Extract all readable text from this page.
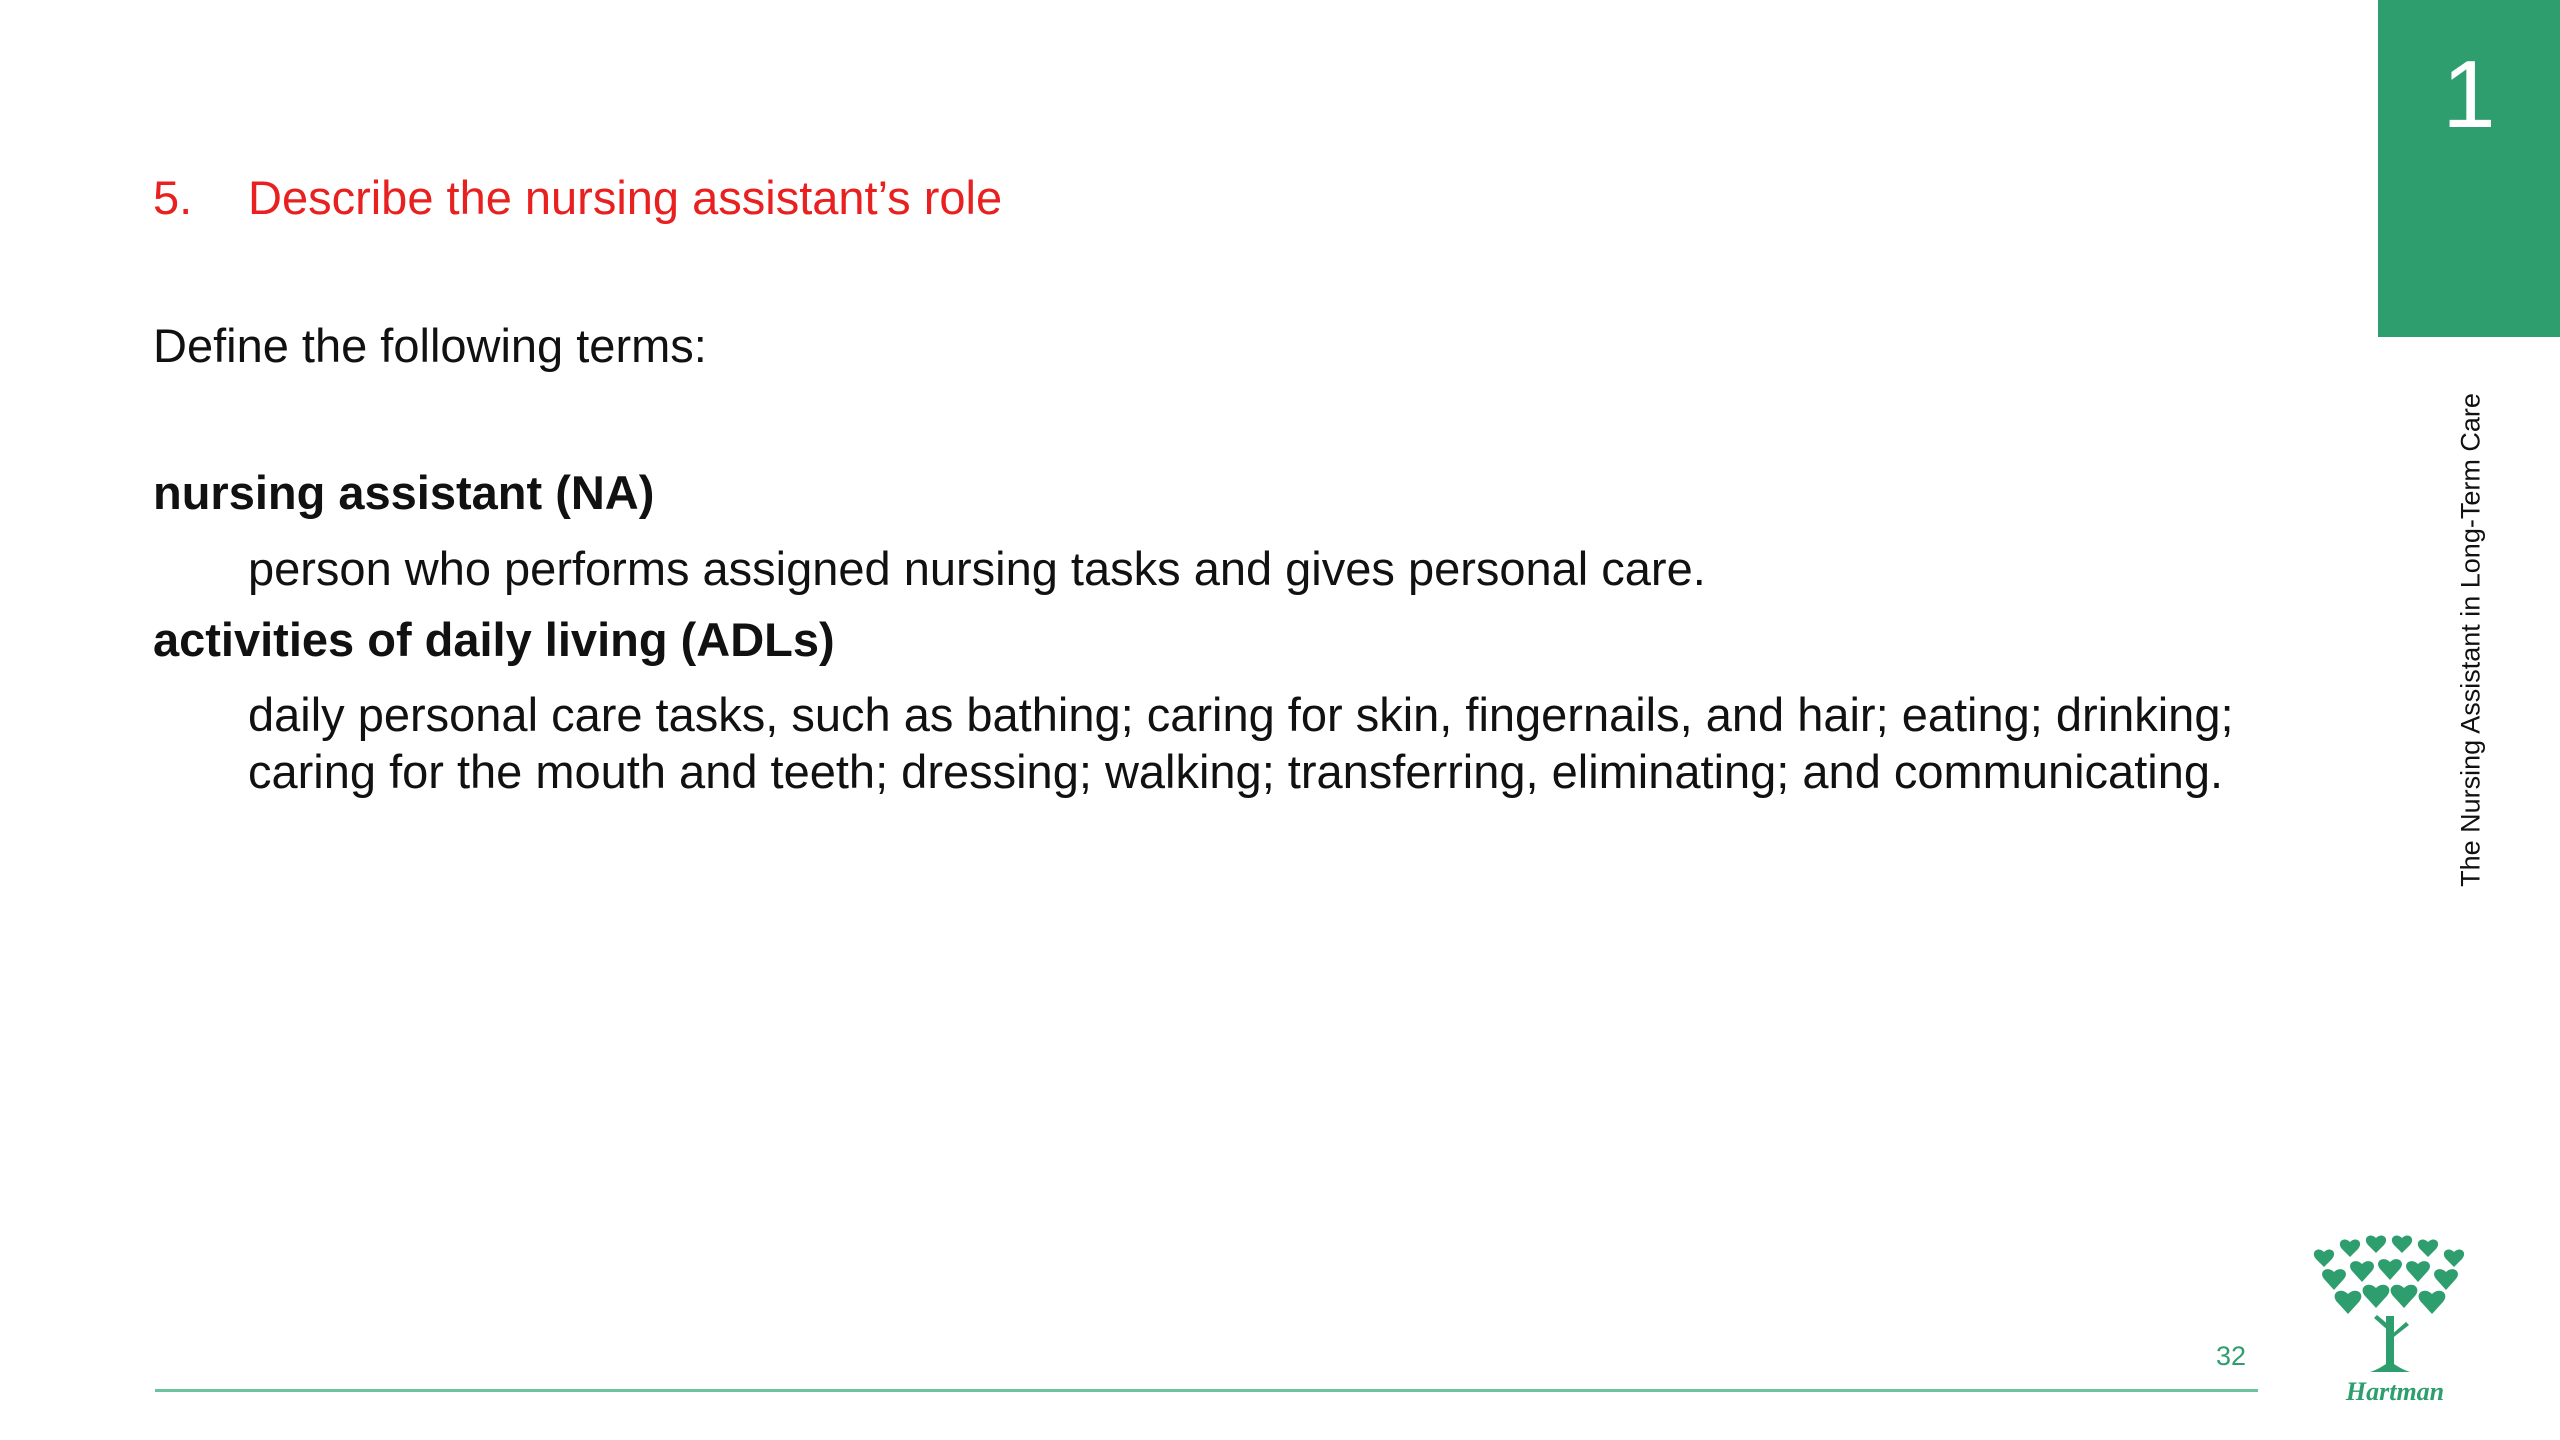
5. Describe the nursing assistant’s role
Define the following terms:
nursing assistant (NA)
person who performs assigned nursing tasks and gives personal care.
activities of daily living (ADLs)
daily personal care tasks, such as bathing; caring for skin, fingernails, and hair; eating; drinking; caring for the mouth and teeth; dressing; walking; transferring, eliminating; and communicating.
1
The Nursing Assistant in Long-Term Care
32
Hartman
